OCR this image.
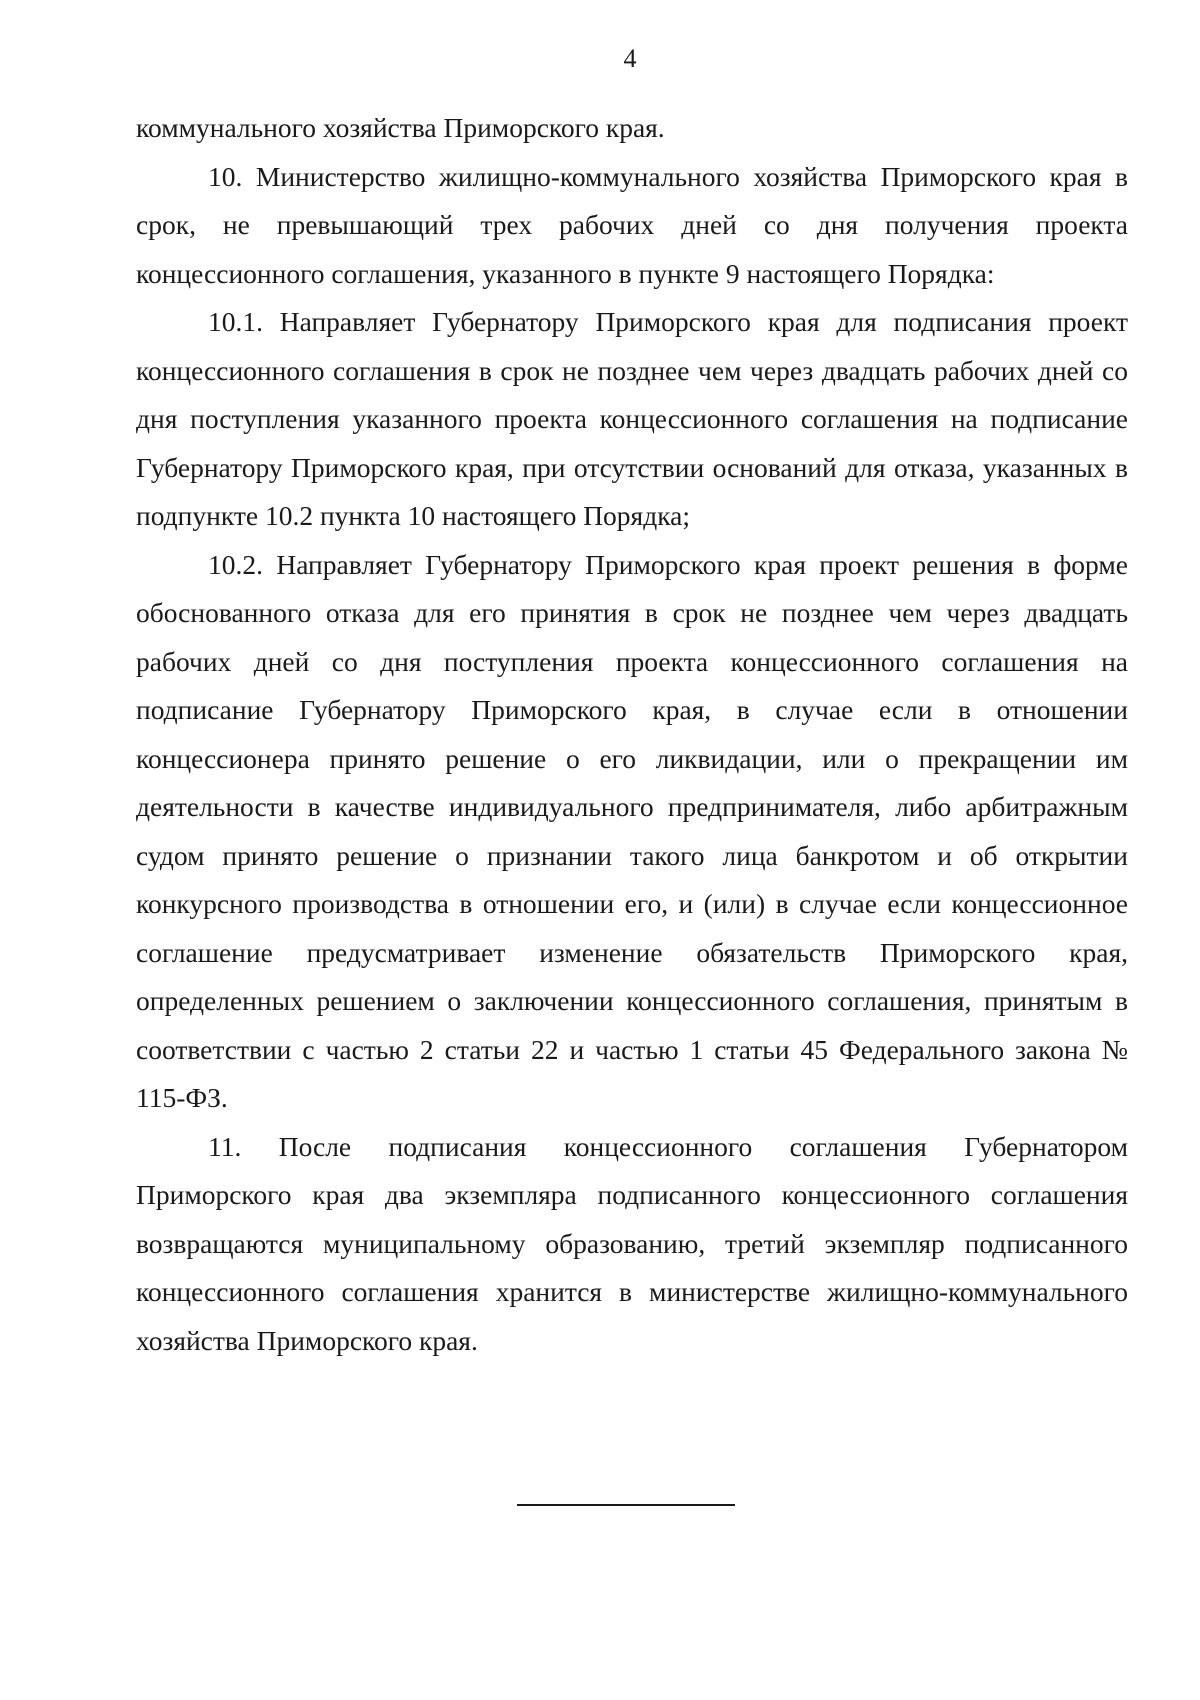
4

коммунального хозяйства Приморского края.

10. Министерство жилищно-коммунального хозяйства Приморского края в срок, не превышающий трех рабочих дней со дня получения проекта концессионного соглашения, указанного в пункте 9 настоящего Порядка:

10.1. Направляет Губернатору Приморского края для подписания проект концессионного соглашения в срок не позднее чем через двадцать рабочих дней со дня поступления указанного проекта концессионного соглашения на подписание Губернатору Приморского края, при отсутствии оснований для отказа, указанных в подпункте 10.2 пункта 10 настоящего Порядка;

10.2. Направляет Губернатору Приморского края проект решения в форме обоснованного отказа для его принятия в срок не позднее чем через двадцать рабочих дней со дня поступления проекта концессионного соглашения на подписание Губернатору Приморского края, в случае если в отношении концессионера принято решение о его ликвидации, или о прекращении им деятельности в качестве индивидуального предпринимателя, либо арбитражным судом принято решение о признании такого лица банкротом и об открытии конкурсного производства в отношении его, и (или) в случае если концессионное соглашение предусматривает изменение обязательств Приморского края, определенных решением о заключении концессионного соглашения, принятым в соответствии с частью 2 статьи 22 и частью 1 статьи 45 Федерального закона № 115-ФЗ.

11. После подписания концессионного соглашения Губернатором Приморского края два экземпляра подписанного концессионного соглашения возвращаются муниципальному образованию, третий экземпляр подписанного концессионного соглашения хранится в министерстве жилищно-коммунального хозяйства Приморского края.
